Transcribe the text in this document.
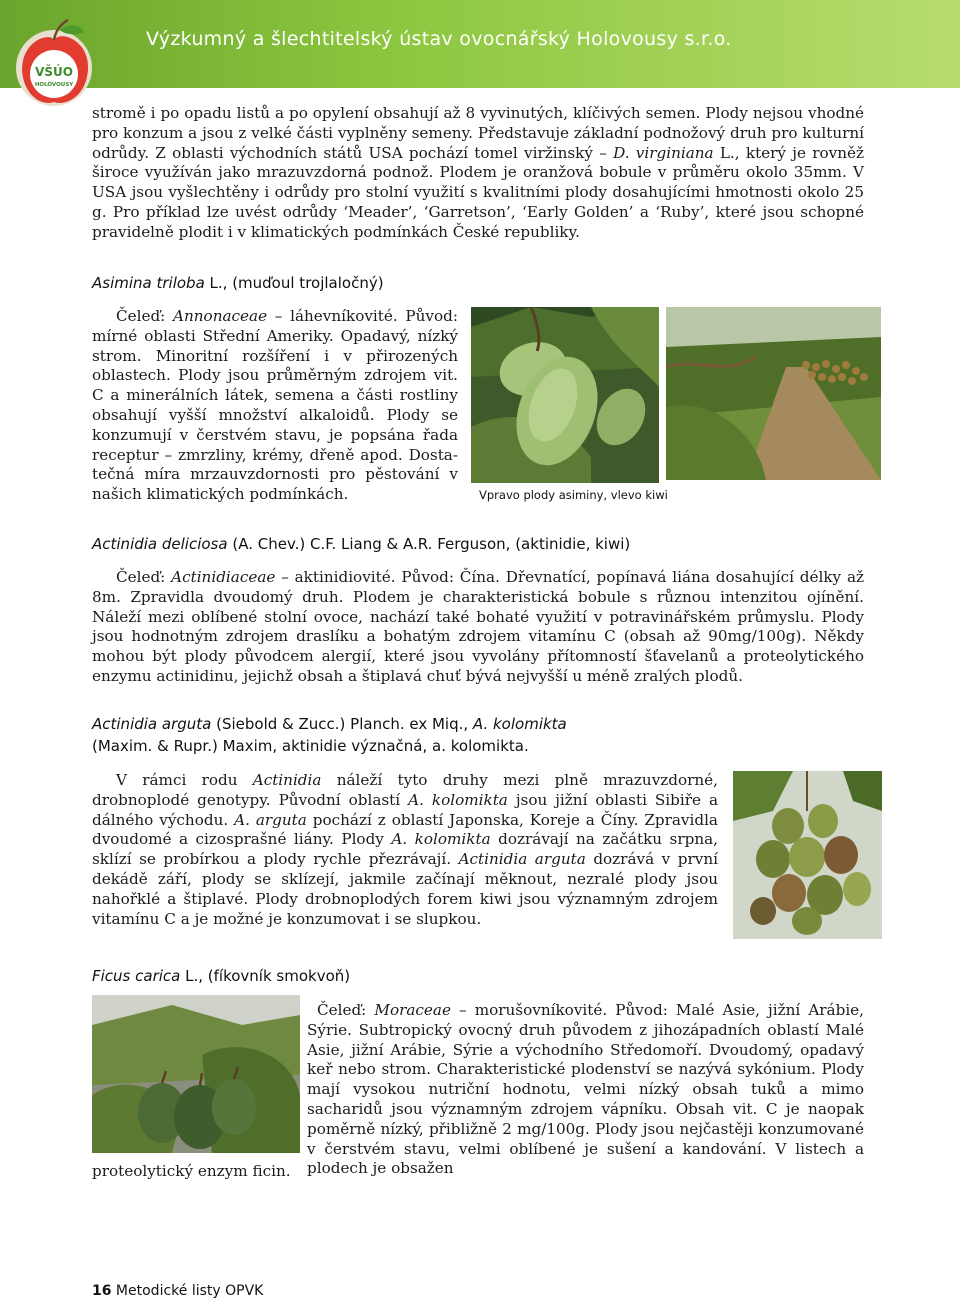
Výzkumný a šlechtitelský ústav ovocnářský Holovousy s.r.o.
VŠÚO
HOLOVOUSY

stromě i po opadu listů a po opylení obsahují až 8 vyvinutých, klíčivých semen. Plody nejsou vhodné pro konzum a jsou z velké části vyplněny semeny. Představuje základní podnožový druh pro kulturní odrůdy. Z oblasti východních států USA pochází tomel viržinský – D. virginiana L., který je rovněž široce využíván jako mrazuvzdorná podnož. Plodem je oranžová bobule v průměru okolo 35mm. V USA jsou vyšlechtěny i odrůdy pro stolní využití s kvalitními plody dosahujícími hmotnosti okolo 25 g. Pro příklad lze uvést odrůdy ‘Meader’, ‘Garretson’, ‘Early Golden’ a ‘Ruby’, které jsou schopné pravidelně plodit i v klimatických podmínkách České republiky.

Asimina triloba L., (muďoul trojlaločný)

Čeleď: Annonaceae – láhevníkovité. Původ: mírné oblasti Střední Ameriky. Opadavý, nízký strom. Minoritní rozšíření i v přirozených oblastech. Plody jsou průměrným zdrojem vit. C a minerálních látek, semena a části rostliny obsahují vyšší množství alkaloidů. Plody se konzumují v čerstvém stavu, je popsána řada receptur – zmrzliny, krémy, dřeně apod. Dosta- tečná míra mrzauvzdornosti pro pěstování v našich klimatických podmínkách.	Vpravo plody asiminy, vlevo kiwi
Actinidia deliciosa (A. Chev.) C.F. Liang & A.R. Ferguson, (aktinidie, kiwi)

Čeleď: Actinidiaceae – aktinidiovité. Původ: Čína. Dřevnatící, popínavá liána dosahující délky až 8m. Zpravidla dvoudomý druh. Plodem je charakteristická bobule s různou intenzitou ojínění. Náleží mezi oblíbené stolní ovoce, nachází také bohaté využití v potravinářském průmyslu. Plody jsou hodnotným zdrojem draslíku a bohatým zdrojem vitamínu C (obsah až 90mg/100g). Někdy mohou být plody původcem alergií, které jsou vyvolány přítomností šťavelanů a proteolytického enzymu actinidinu, jejichž obsah a štiplavá chuť bývá nejvyšší u méně zralých plodů.

Actinidia arguta (Siebold & Zucc.) Planch. ex Miq., A. kolomikta
(Maxim. & Rupr.) Maxim, aktinidie význačná, a. kolomikta.

V rámci rodu Actinidia náleží tyto druhy mezi plně mrazuvzdorné, drobnoplodé genotypy. Původní oblastí A. kolomikta jsou jižní oblasti Sibiře a dálného východu. A. arguta pochází z oblastí Japonska, Koreje a Číny. Zpravidla dvoudomé a cizosprašné liány. Plody A. kolomikta dozrávají na začátku srpna, sklízí se probírkou a plody rychle přezrávají. Actinidia arguta dozrává v první dekádě září, plody se sklízejí, jakmile začínají měknout, nezralé plody jsou nahořklé a štiplavé. Plody drobnoplodých forem kiwi jsou významným zdrojem vitamínu C a je možné je konzumovat i se slupkou.

Ficus carica L., (fíkovník smokvoň)

Čeleď: Moraceae – morušovníkovité. Původ: Malé Asie, jižní Arábie, Sýrie. Subtropický ovocný druh původem z jihozápadních oblastí Malé Asie, jižní Arábie, Sýrie a východního Středomoří. Dvoudomý, opadavý keř nebo strom. Charakteristické plodenství se nazývá sykónium. Plody mají vysokou nutriční hodnotu, velmi nízký obsah tuků a mimo sacharidů jsou významným zdrojem vápníku. Obsah vit. C je naopak poměrně nízký, přibližně 2 mg/100g. Plody jsou nejčastěji konzumované v čerstvém stavu, velmi oblíbené je sušení a kandování. V listech a plodech je obsažen

proteolytický enzym ficin.
16 Metodické listy OPVK
